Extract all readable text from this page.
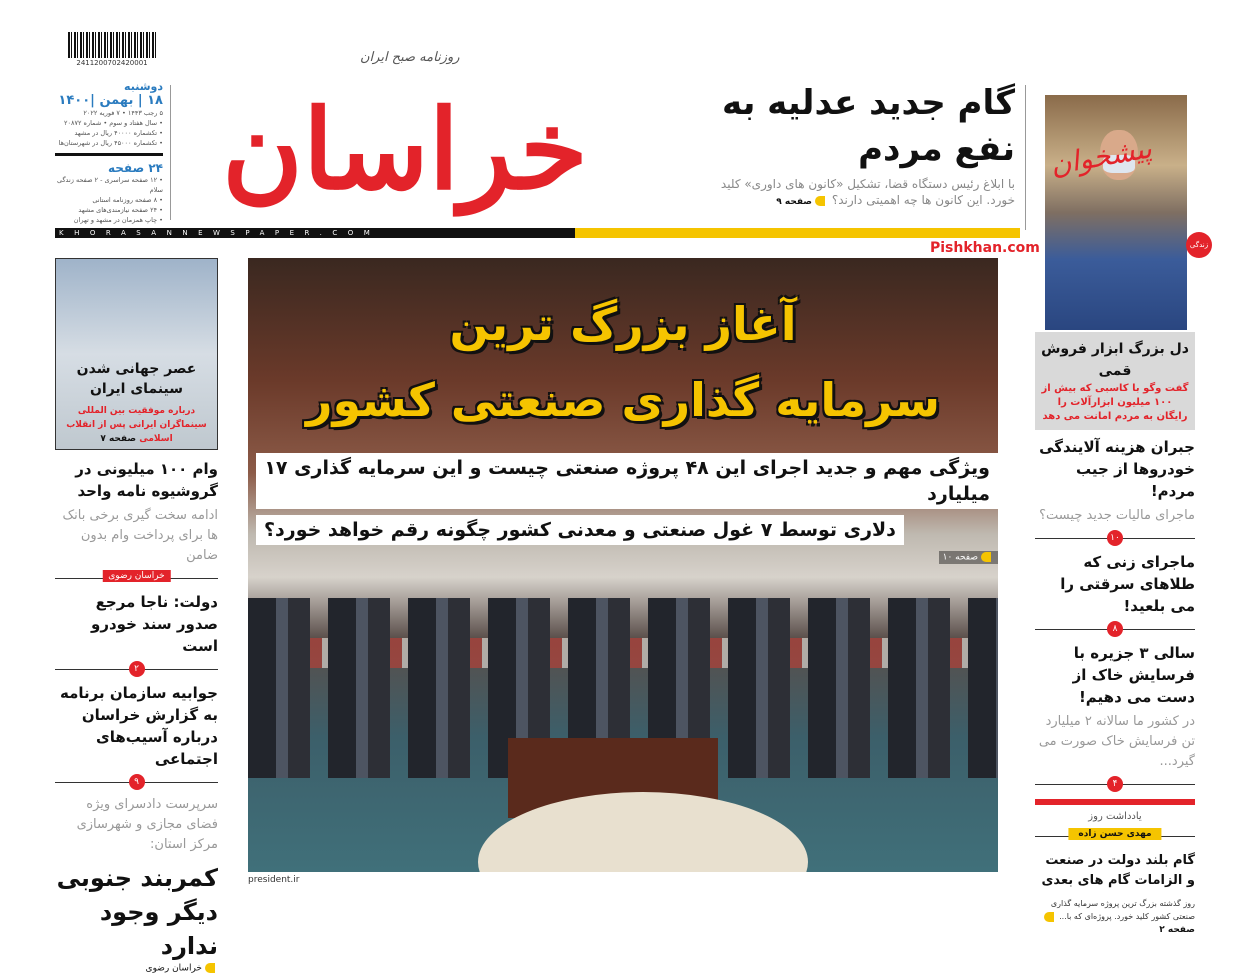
2411200702420001
دوشنبه
۱۸ | بهمن |۱۴۰۰
۵ رجب ۱۴۴۳ • ۷ فوریه ۲۰۲۲
• سال هفتاد و سوم • شماره ۲۰۸۷۲
• تکشماره ۴۰۰۰۰ ریال در مشهد
• تکشماره ۴۵۰۰۰ ریال در شهرستان‌ها
۲۴ صفحه
• ۱۲ صفحه سراسری - ۲ صفحه زندگی سلام
• ۸ صفحه روزنامه استانی
• ۲۴ صفحه نیازمندی‌های مشهد
• چاپ همزمان در مشهد و تهران
خراسان
روزنامه صبح ایران
گام جدید عدلیه به نفع مردم
با ابلاغ رئیس دستگاه قضا، تشکیل «کانون های داوری» کلید خورد. این کانون ها چه اهمیتی دارند؟ صفحه ۹
زندگی
پیشخوان
KHORASANNEWSPAPER.COM
Pishkhan.com
عصر جهانی شدن سینمای ایران
درباره موفقیت بین المللی سینماگران ایرانی پس از انقلاب اسلامی صفحه ۷
وام ۱۰۰ میلیونی در گروشیوه نامه واحد
ادامه سخت گیری برخی بانک ها برای پرداخت وام بدون ضامن
خراسان رضوی
دولت: ناجا مرجع صدور سند خودرو است
۲
جوابیه سازمان برنامه به گزارش خراسان درباره آسیب‌های اجتماعی
۹
سرپرست دادسرای ویژه فضای مجازی و شهرسازی مرکز استان:
کمربند جنوبی دیگر وجود ندارد
خراسان رضوی
آغاز بزرگ ترین
سرمایه گذاری صنعتی کشور
ویژگی مهم و جدید اجرای این ۴۸ پروژه صنعتی چیست و این سرمایه گذاری ۱۷ میلیارد
دلاری توسط ۷ غول صنعتی و معدنی کشور چگونه رقم خواهد خورد؟
صفحه ۱۰
president.ir
دل بزرگ ابزار فروش قمی
گفت وگو با کاسبی که بیش از ۱۰۰ میلیون ابزارآلات را رایگان به مردم امانت می دهد
جبران هزینه آلایندگی خودروها از جیب مردم!
ماجرای مالیات جدید چیست؟
۱۰
ماجرای زنی که طلاهای سرقتی را می بلعید!
۸
سالی ۳ جزیره با فرسایش خاک از دست می دهیم!
در کشور ما سالانه ۲ میلیارد تن فرسایش خاک صورت می گیرد...
۴
یادداشت روز
مهدی حسن زاده
گام بلند دولت در صنعت و الزامات گام های بعدی
روز گذشته بزرگ ترین پروژه سرمایه گذاری صنعتی کشور کلید خورد. پروژه‌ای که با... صفحه ۲
